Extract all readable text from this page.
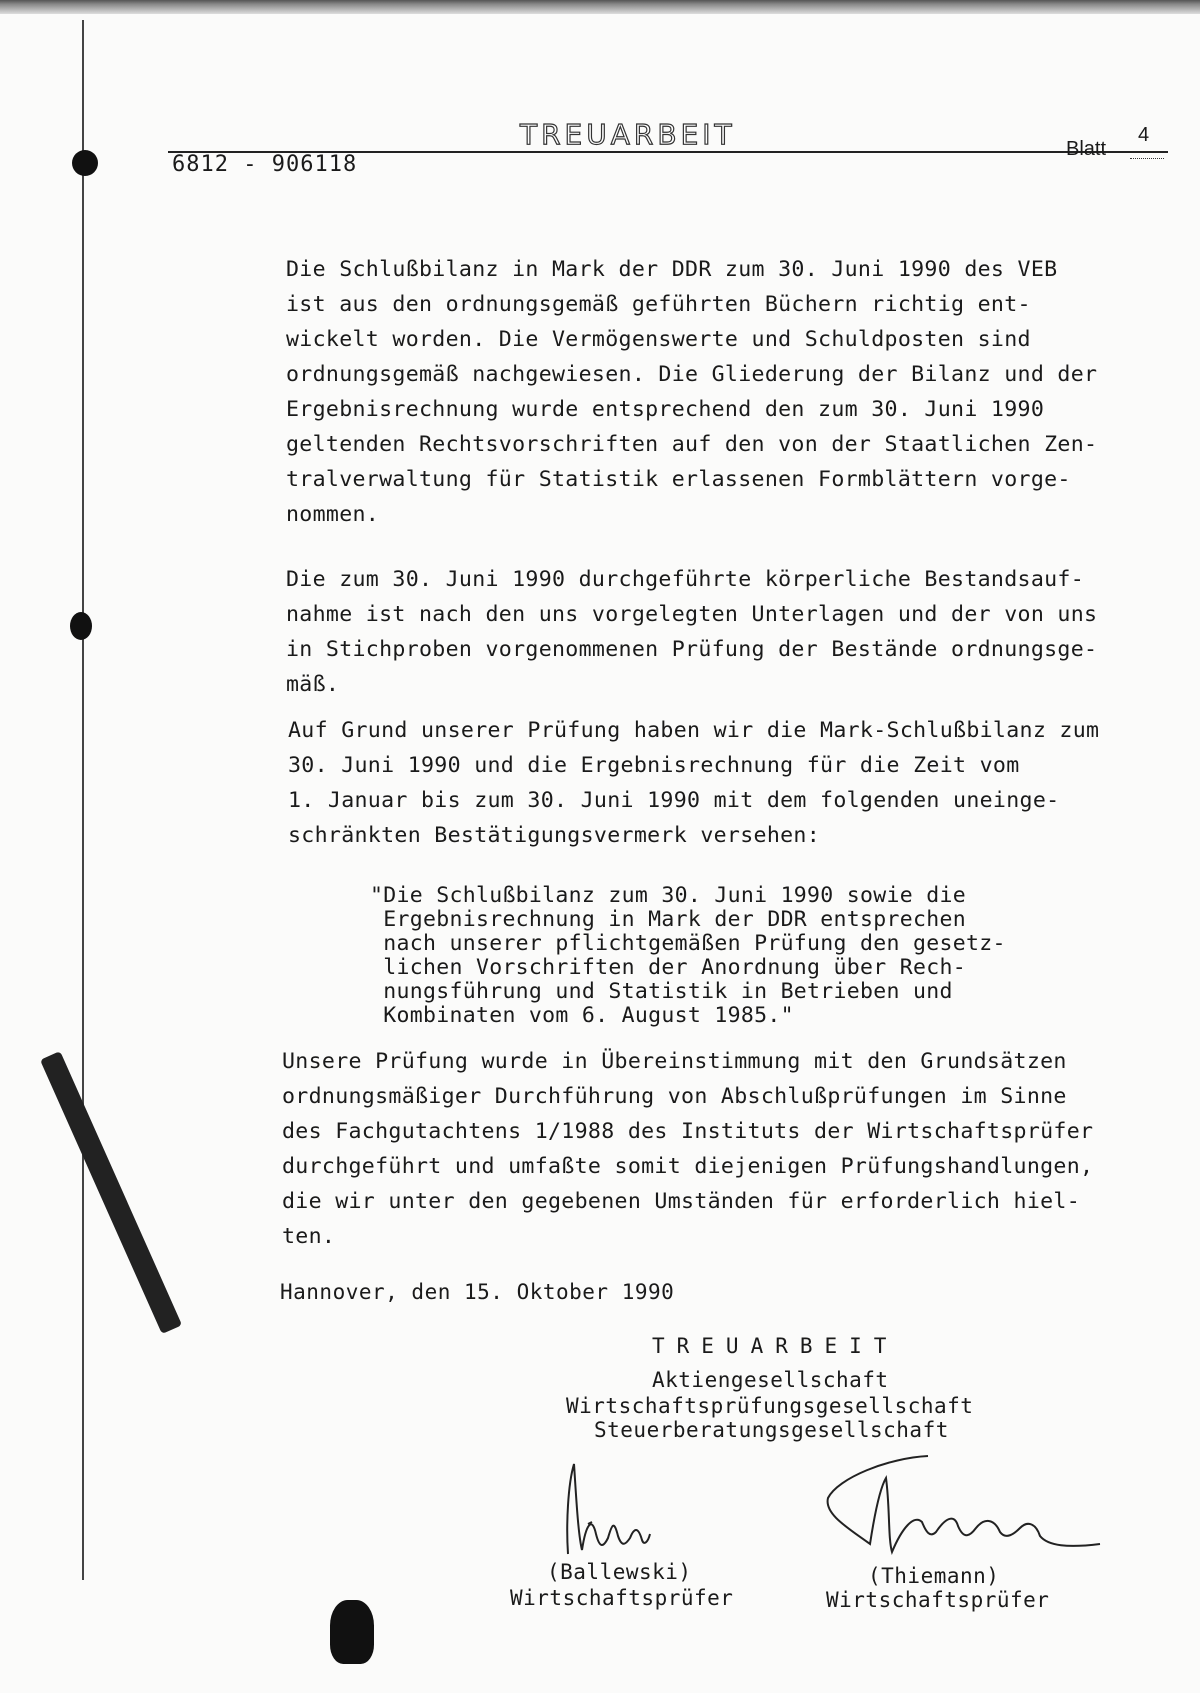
TREUARBEIT
6812 - 906118
Blatt
4
Die Schlußbilanz in Mark der DDR zum 30. Juni 1990 des VEB
ist aus den ordnungsgemäß geführten Büchern richtig ent-
wickelt worden. Die Vermögenswerte und Schuldposten sind
ordnungsgemäß nachgewiesen. Die Gliederung der Bilanz und der
Ergebnisrechnung wurde entsprechend den zum 30. Juni 1990
geltenden Rechtsvorschriften auf den von der Staatlichen Zen-
tralverwaltung für Statistik erlassenen Formblättern vorge-
nommen.
Die zum 30. Juni 1990 durchgeführte körperliche Bestandsauf-
nahme ist nach den uns vorgelegten Unterlagen und der von uns
in Stichproben vorgenommenen Prüfung der Bestände ordnungsge-
mäß.
Auf Grund unserer Prüfung haben wir die Mark-Schlußbilanz zum
30. Juni 1990 und die Ergebnisrechnung für die Zeit vom
1. Januar bis zum 30. Juni 1990 mit dem folgenden uneinge-
schränkten Bestätigungsvermerk versehen:
"Die Schlußbilanz zum 30. Juni 1990 sowie die
Ergebnisrechnung in Mark der DDR entsprechen
nach unserer pflichtgemäßen Prüfung den gesetz-
lichen Vorschriften der Anordnung über Rech-
nungsführung und Statistik in Betrieben und
Kombinaten vom 6. August 1985."
Unsere Prüfung wurde in Übereinstimmung mit den Grundsätzen
ordnungsmäßiger Durchführung von Abschlußprüfungen im Sinne
des Fachgutachtens 1/1988 des Instituts der Wirtschaftsprüfer
durchgeführt und umfaßte somit diejenigen Prüfungshandlungen,
die wir unter den gegebenen Umständen für erforderlich hiel-
ten.
Hannover, den 15. Oktober 1990
TREUARBEIT
Aktiengesellschaft
Wirtschaftsprüfungsgesellschaft
Steuerberatungsgesellschaft
(Ballewski)
Wirtschaftsprüfer
(Thiemann)
Wirtschaftsprüfer
